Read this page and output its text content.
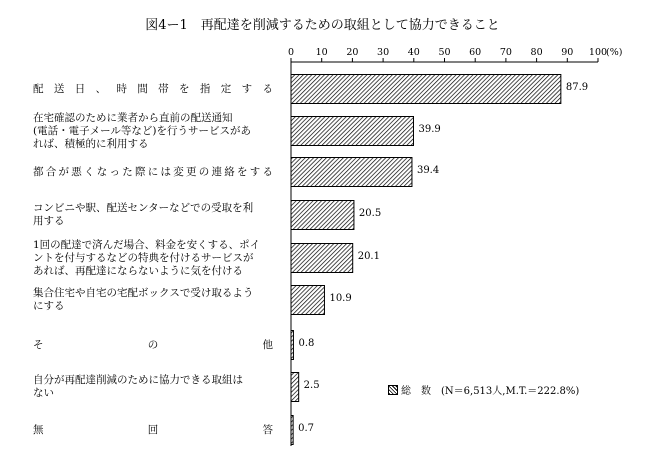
図4ー1　再配達を削減するための取組として協力できること
(%)
0 10 20 30 40 50 60 70 80 90 100
配送日、時間帯を指定する	87.9
在宅確認のために業者から直前の配送通知
(電話・電子メール等など)を行うサービスがあ
れば、積極的に利用する
39.9
都合が悪くなった際には変更の連絡をする	39.4
コンビニや駅、配送センターなどでの受取を利
用する
20.5
1回の配達で済んだ場合、料金を安くする、ポイ
ントを付与するなどの特典を付けるサービスが
あれば、再配達にならないように気を付ける
20.1
集合住宅や自宅の宅配ボックスで受け取るよう
にする
10.9
そ　　　　の　　　　他	0.8
自分が再配達削減のために協力できる取組は
ない
2.5
無　　　　回　　　　答	0.7
総　数　(N＝6,513人,M.T.＝222.8%)
